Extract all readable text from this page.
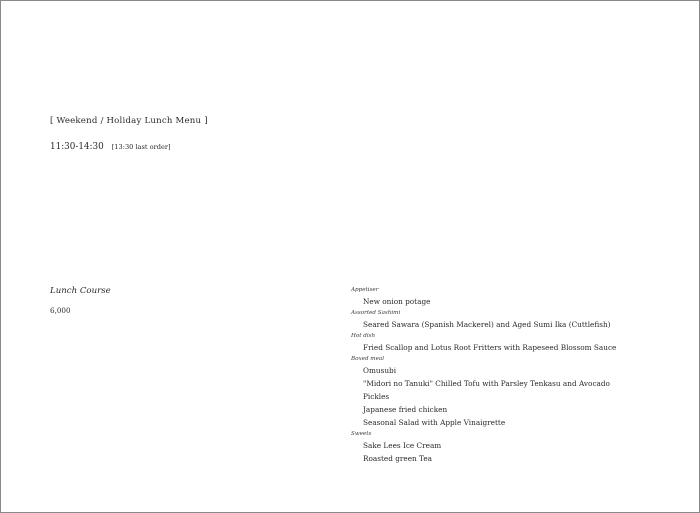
[ Weekend / Holiday Lunch Menu ]
11:30-14:30 [13:30 last order]
Lunch Course
6,000
Appetiser
New onion potage
Assorted Sashimi
Seared Sawara (Spanish Mackerel) and Aged Sumi Ika (Cuttlefish)
Hot dish
Fried Scallop and Lotus Root Fritters with Rapeseed Blossom Sauce
Boxed meal
Omusubi
"Midori no Tanuki" Chilled Tofu with Parsley Tenkasu and Avocado
Pickles
Japanese fried chicken
Seasonal Salad with Apple Vinaigrette
Sweets
Sake Lees Ice Cream
Roasted green Tea
